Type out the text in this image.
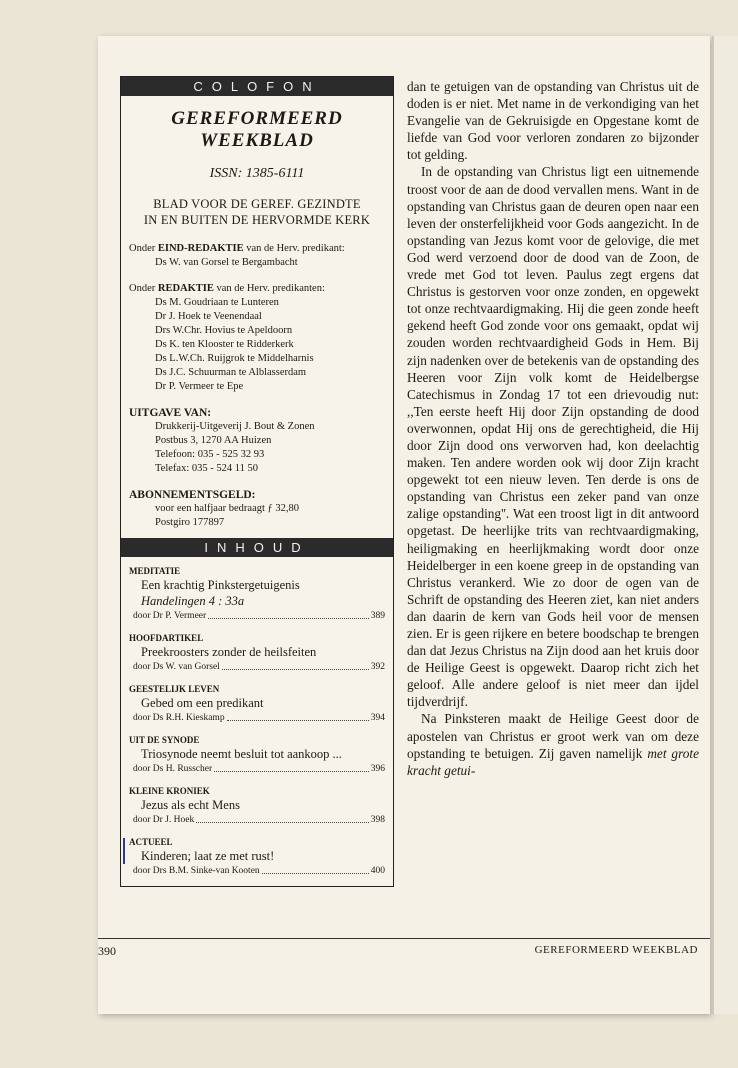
COLOFON
GEREFORMEERD
WEEKBLAD
ISSN: 1385-6111
BLAD VOOR DE GEREF. GEZINDTE
IN EN BUITEN DE HERVORMDE KERK
Onder EIND-REDAKTIE van de Herv. predikant:
Ds W. van Gorsel te Bergambacht
Onder REDAKTIE van de Herv. predikanten:
Ds M. Goudriaan te Lunteren
Dr J. Hoek te Veenendaal
Drs W.Chr. Hovius te Apeldoorn
Ds K. ten Klooster te Ridderkerk
Ds L.W.Ch. Ruijgrok te Middelharnis
Ds J.C. Schuurman te Alblasserdam
Dr P. Vermeer te Epe
UITGAVE VAN:
Drukkerij-Uitgeverij J. Bout & Zonen
Postbus 3, 1270 AA Huizen
Telefoon: 035 - 525 32 93
Telefax: 035 - 524 11 50
ABONNEMENTSGELD:
voor een halfjaar bedraagt ƒ 32,80
Postgiro 177897
INHOUD
MEDITATIE
Een krachtig Pinkstergetuigenis
Handelingen 4 : 33a
door Dr P. Vermeer	389
HOOFDARTIKEL
Preekroosters zonder de heilsfeiten
door Ds W. van Gorsel	392
GEESTELIJK LEVEN
Gebed om een predikant
door Ds R.H. Kieskamp	394
UIT DE SYNODE
Triosynode neemt besluit tot aankoop ...
door Ds H. Russcher	396
KLEINE KRONIEK
Jezus als echt Mens
door Dr J. Hoek	398
ACTUEEL
Kinderen; laat ze met rust!
door Drs B.M. Sinke-van Kooten	400

dan te getuigen van de opstanding van Christus uit de doden is er niet. Met name in de verkondiging van het Evangelie van de Gekruisigde en Opgestane komt de liefde van God voor verloren zondaren zo bijzonder tot gelding.

In de opstanding van Christus ligt een uitnemende troost voor de aan de dood vervallen mens. Want in de opstanding van Christus gaan de deuren open naar een leven der onsterfelijkheid voor Gods aangezicht. In de opstanding van Jezus komt voor de gelovige, die met God werd verzoend door de dood van de Zoon, de vrede met God tot leven. Paulus zegt ergens dat Christus is gestorven voor onze zonden, en opgewekt tot onze rechtvaardigmaking. Hij die geen zonde heeft gekend heeft God zonde voor ons gemaakt, opdat wij zouden worden rechtvaardigheid Gods in Hem. Bij zijn nadenken over de betekenis van de opstanding des Heeren voor Zijn volk komt de Heidelbergse Catechismus in Zondag 17 tot een drievoudig nut: ,,Ten eerste heeft Hij door Zijn opstanding de dood overwonnen, opdat Hij ons de gerechtigheid, die Hij door Zijn dood ons verworven had, kon deelachtig maken. Ten andere worden ook wij door Zijn kracht opgewekt tot een nieuw leven. Ten derde is ons de opstanding van Christus een zeker pand van onze zalige opstanding''. Wat een troost ligt in dit antwoord opgetast. De heerlijke trits van rechtvaardigmaking, heiligmaking en heerlijkmaking wordt door onze Heidelberger in een koene greep in de opstanding van Christus verankerd. Wie zo door de ogen van de Schrift de opstanding des Heeren ziet, kan niet anders dan daarin de kern van Gods heil voor de mensen zien. Er is geen rijkere en betere boodschap te brengen dan dat Jezus Christus na Zijn dood aan het kruis door de Heilige Geest is opgewekt. Daarop richt zich het geloof. Alle andere geloof is niet meer dan ijdel tijdverdrijf.

Na Pinksteren maakt de Heilige Geest door de apostelen van Christus er groot werk van om deze opstanding te betuigen. Zij gaven namelijk met grote kracht getui-

390	GEREFORMEERD WEEKBLAD
